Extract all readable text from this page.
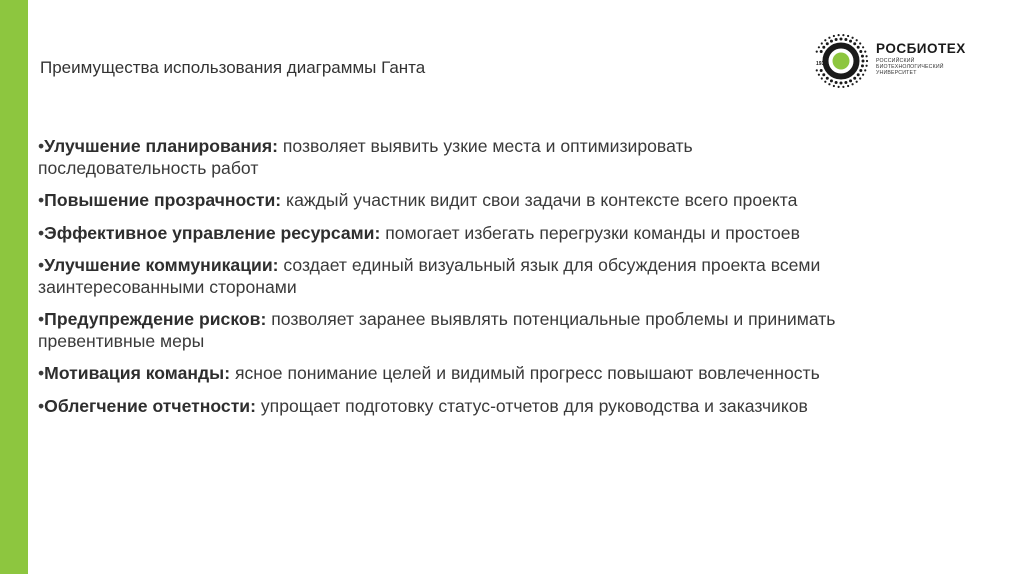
Преимущества использования диаграммы Ганта	1930
РОСБИОТЕХ
РОССИЙСКИЙ
БИОТЕХНОЛОГИЧЕСКИЙ
УНИВЕРСИТЕТ
•Улучшение планирования: позволяет выявить узкие места и оптимизировать последовательность работ
•Повышение прозрачности: каждый участник видит свои задачи в контексте всего проекта
•Эффективное управление ресурсами: помогает избегать перегрузки команды и простоев
•Улучшение коммуникации: создает единый визуальный язык для обсуждения проекта всеми заинтересованными сторонами
•Предупреждение рисков: позволяет заранее выявлять потенциальные проблемы и принимать превентивные меры
•Мотивация команды: ясное понимание целей и видимый прогресс повышают вовлеченность
•Облегчение отчетности: упрощает подготовку статус-отчетов для руководства и заказчиков
